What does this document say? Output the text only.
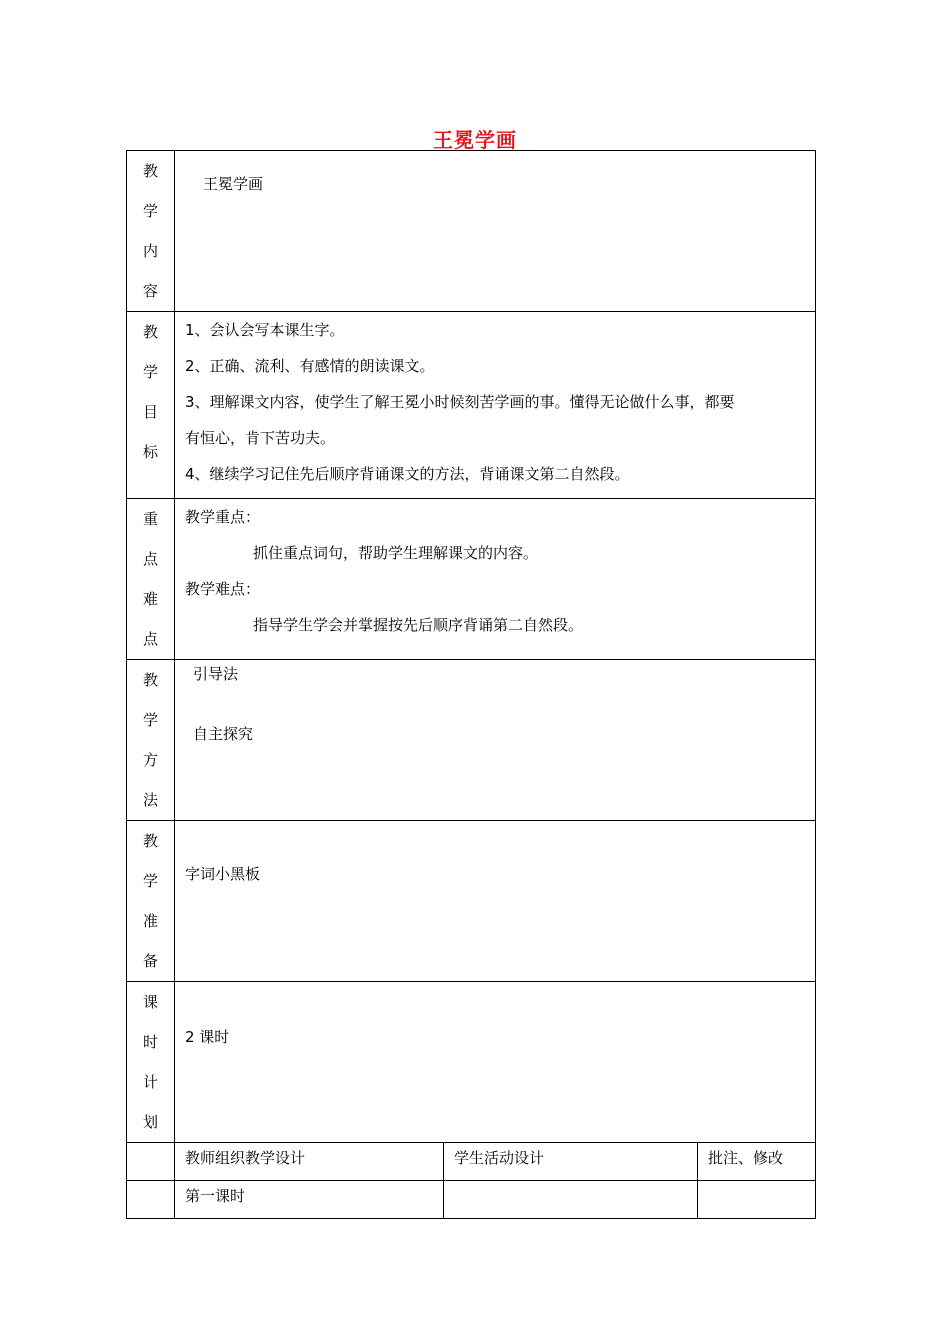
王冕学画
教
学
内
容	王冕学画		

教
学
目
标	1、会认会写本课生字。
2、正确、流利、有感情的朗读课文。
3、理解课文内容，使学生了解王冕小时候刻苦学画的事。懂得无论做什么事，都要
有恒心，肯下苦功夫。
4、继续学习记住先后顺序背诵课文的方法，背诵课文第二自然段。		

重
点
难
点	教学重点：
抓住重点词句，帮助学生理解课文的内容。
教学难点：
指导学生学会并掌握按先后顺序背诵第二自然段。		

教
学
方
法	引导法
自主探究		

教
学
准
备	字词小黑板		

课
时
计
划	2 课时		
	教师组织教学设计	学生活动设计	批注、修改
	第一课时		
